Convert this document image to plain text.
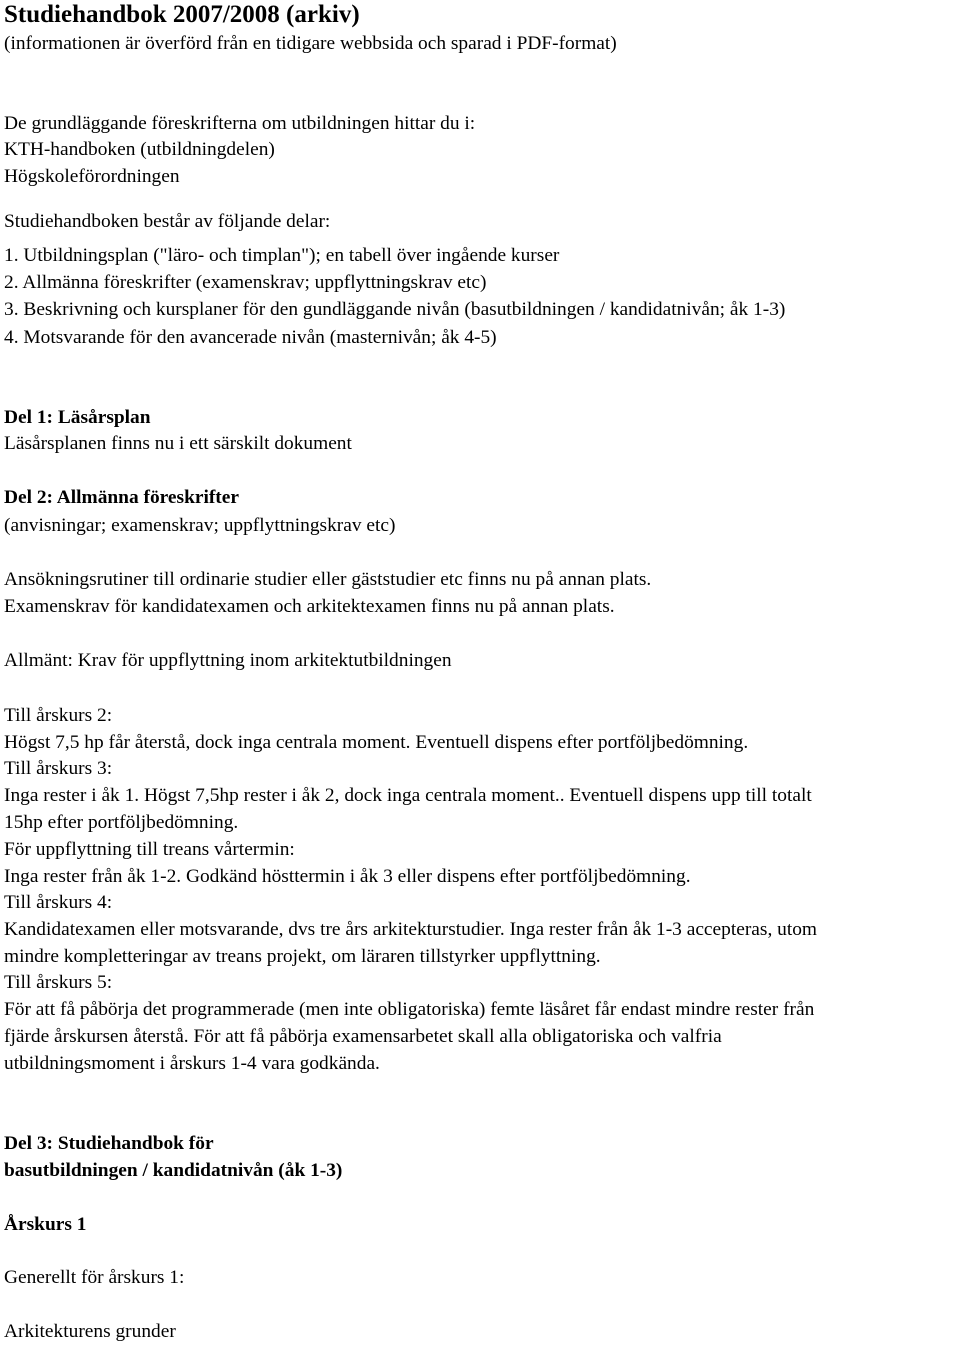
Studiehandbok 2007/2008 (arkiv)
(informationen är överförd från en tidigare webbsida och sparad i PDF-format)
De grundläggande föreskrifterna om utbildningen hittar du i:
KTH-handboken (utbildningdelen)
Högskoleförordningen
Studiehandboken består av följande delar:
1. Utbildningsplan ("läro- och timplan"); en tabell över ingående kurser
2. Allmänna föreskrifter (examenskrav; uppflyttningskrav etc)
3. Beskrivning och kursplaner för den gundläggande nivån (basutbildningen / kandidatnivån; åk 1-3)
4. Motsvarande för den avancerade nivån (masternivån; åk 4-5)
Del 1: Läsårsplan
Läsårsplanen finns nu i ett särskilt dokument
Del 2: Allmänna föreskrifter
(anvisningar; examenskrav; uppflyttningskrav etc)
Ansökningsrutiner till ordinarie studier eller gäststudier etc finns nu på annan plats.
Examenskrav för kandidatexamen och arkitektexamen finns nu på annan plats.
Allmänt: Krav för uppflyttning inom arkitektutbildningen
Till årskurs 2:
Högst 7,5 hp får återstå, dock inga centrala moment. Eventuell dispens efter portföljbedömning.
Till årskurs 3:
Inga rester i åk 1. Högst 7,5hp rester i åk 2, dock inga centrala moment.. Eventuell dispens upp till totalt
15hp efter portföljbedömning.
För uppflyttning till treans vårtermin:
Inga rester från åk 1-2. Godkänd hösttermin i åk 3 eller dispens efter portföljbedömning.
Till årskurs 4:
Kandidatexamen eller motsvarande, dvs tre års arkitekturstudier. Inga rester från åk 1-3 accepteras, utom
mindre kompletteringar av treans projekt, om läraren tillstyrker uppflyttning.
Till årskurs 5:
För att få påbörja det programmerade (men inte obligatoriska) femte läsåret får endast mindre rester från
fjärde årskursen återstå. För att få påbörja examensarbetet skall alla obligatoriska och valfria
utbildningsmoment i årskurs 1-4 vara godkända.
Del 3: Studiehandbok för
basutbildningen / kandidatnivån (åk 1-3)
Årskurs 1
Generellt för årskurs 1:
Arkitekturens grunder
